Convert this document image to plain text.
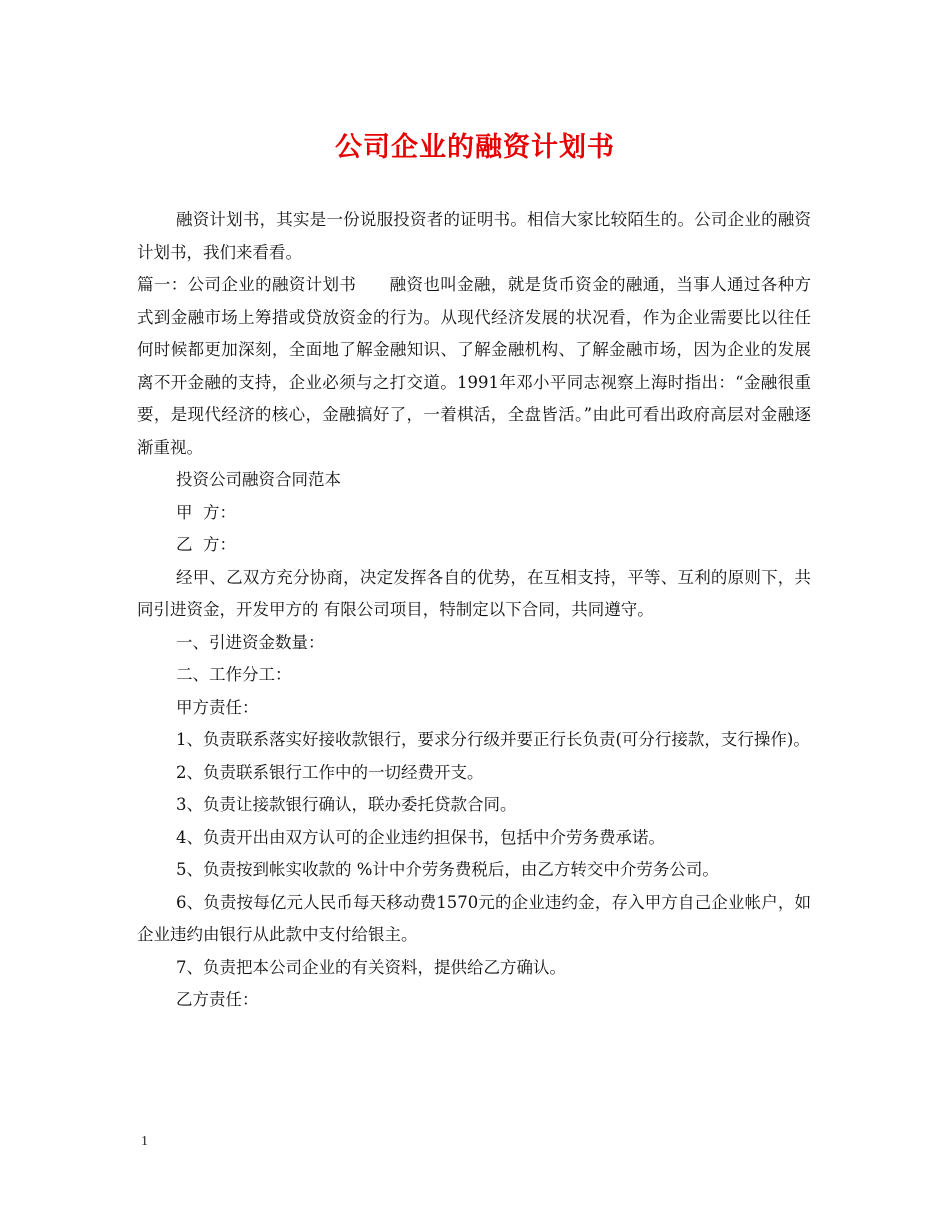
公司企业的融资计划书

融资计划书，其实是一份说服投资者的证明书。相信大家比较陌生的。公司企业的融资计划书，我们来看看。

篇一：公司企业的融资计划书 融资也叫金融，就是货币资金的融通，当事人通过各种方式到金融市场上筹措或贷放资金的行为。从现代经济发展的状况看，作为企业需要比以往任何时候都更加深刻，全面地了解金融知识、了解金融机构、了解金融市场，因为企业的发展离不开金融的支持，企业必须与之打交道。1991年邓小平同志视察上海时指出：“金融很重要，是现代经济的核心，金融搞好了，一着棋活，全盘皆活。”由此可看出政府高层对金融逐渐重视。

投资公司融资合同范本

甲  方：

乙  方：

经甲、乙双方充分协商，决定发挥各自的优势，在互相支持，平等、互利的原则下，共同引进资金，开发甲方的 有限公司项目，特制定以下合同，共同遵守。

一、引进资金数量：

二、工作分工：

甲方责任：

1、负责联系落实好接收款银行，要求分行级并要正行长负责(可分行接款，支行操作)。

2、负责联系银行工作中的一切经费开支。

3、负责让接款银行确认，联办委托贷款合同。

4、负责开出由双方认可的企业违约担保书，包括中介劳务费承诺。

5、负责按到帐实收款的 %计中介劳务费税后，由乙方转交中介劳务公司。

6、负责按每亿元人民币每天移动费1570元的企业违约金，存入甲方自己企业帐户，如企业违约由银行从此款中支付给银主。

7、负责把本公司企业的有关资料，提供给乙方确认。

乙方责任：

1
